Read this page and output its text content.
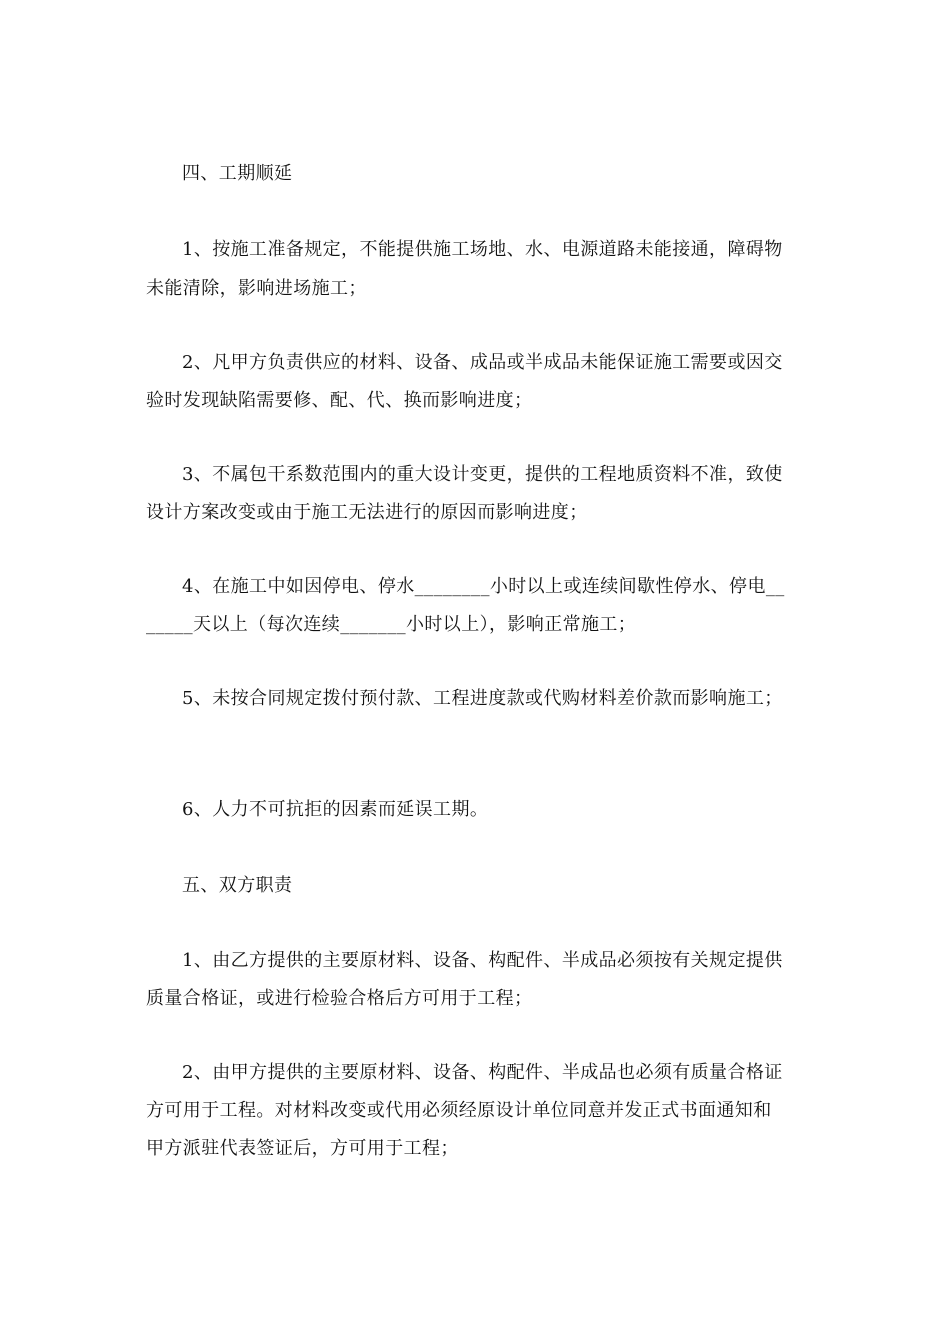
四、工期顺延
1、按施工准备规定，不能提供施工场地、水、电源道路未能接通，障碍物
未能清除，影响进场施工；
2、凡甲方负责供应的材料、设备、成品或半成品未能保证施工需要或因交
验时发现缺陷需要修、配、代、换而影响进度；
3、不属包干系数范围内的重大设计变更，提供的工程地质资料不准，致使
设计方案改变或由于施工无法进行的原因而影响进度；
4、在施工中如因停电、停水________小时以上或连续间歇性停水、停电__
_____天以上（每次连续_______小时以上），影响正常施工；
5、未按合同规定拨付预付款、工程进度款或代购材料差价款而影响施工；
6、人力不可抗拒的因素而延误工期。
五、双方职责
1、由乙方提供的主要原材料、设备、构配件、半成品必须按有关规定提供
质量合格证，或进行检验合格后方可用于工程；
2、由甲方提供的主要原材料、设备、构配件、半成品也必须有质量合格证
方可用于工程。对材料改变或代用必须经原设计单位同意并发正式书面通知和
甲方派驻代表签证后，方可用于工程；
